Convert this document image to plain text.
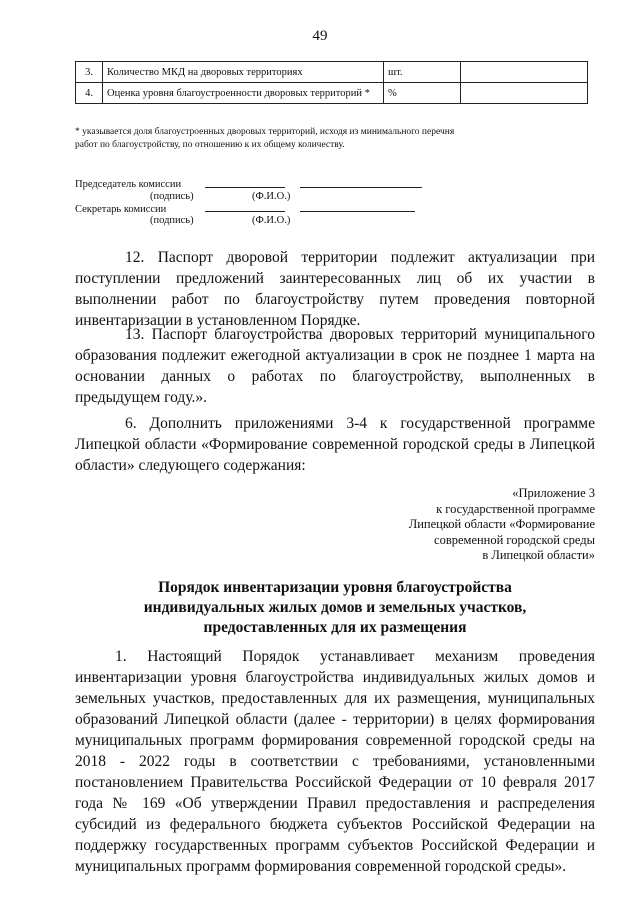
49
3.	Количество МКД на дворовых территориях	шт.	
4.	Оценка уровня благоустроенности дворовых территорий *	%	
* указывается доля благоустроенных дворовых территорий, исходя из минимального перечня работ по благоустройству, по отношению к их общему количеству.
Председатель комиссии
(подпись)	(Ф.И.О.)
Секретарь комиссии
(подпись)	(Ф.И.О.)

12. Паспорт дворовой территории подлежит актуализации при поступлении предложений заинтересованных лиц об их участии в выполнении работ по благоустройству путем проведения повторной инвентаризации в установленном Порядке.

13. Паспорт благоустройства дворовых территорий муниципального образования подлежит ежегодной актуализации в срок не позднее 1 марта на основании данных о работах по благоустройству, выполненных в предыдущем году.».

6. Дополнить приложениями 3-4 к государственной программе Липецкой области «Формирование современной городской среды в Липецкой области» следующего содержания:

«Приложение 3
к государственной программе
Липецкой области «Формирование
современной городской среды
в Липецкой области»
Порядок инвентаризации уровня благоустройства
индивидуальных жилых домов и земельных участков,
предоставленных для их размещения

1. Настоящий Порядок устанавливает механизм проведения инвентаризации уровня благоустройства индивидуальных жилых домов и земельных участков, предоставленных для их размещения, муниципальных образований Липецкой области (далее - территории) в целях формирования муниципальных программ формирования современной городской среды на 2018 - 2022 годы в соответствии с требованиями, установленными постановлением Правительства Российской Федерации от 10 февраля 2017 года № 169 «Об утверждении Правил предоставления и распределения субсидий из федерального бюджета субъектов Российской Федерации на поддержку государственных программ субъектов Российской Федерации и муниципальных программ формирования современной городской среды».
